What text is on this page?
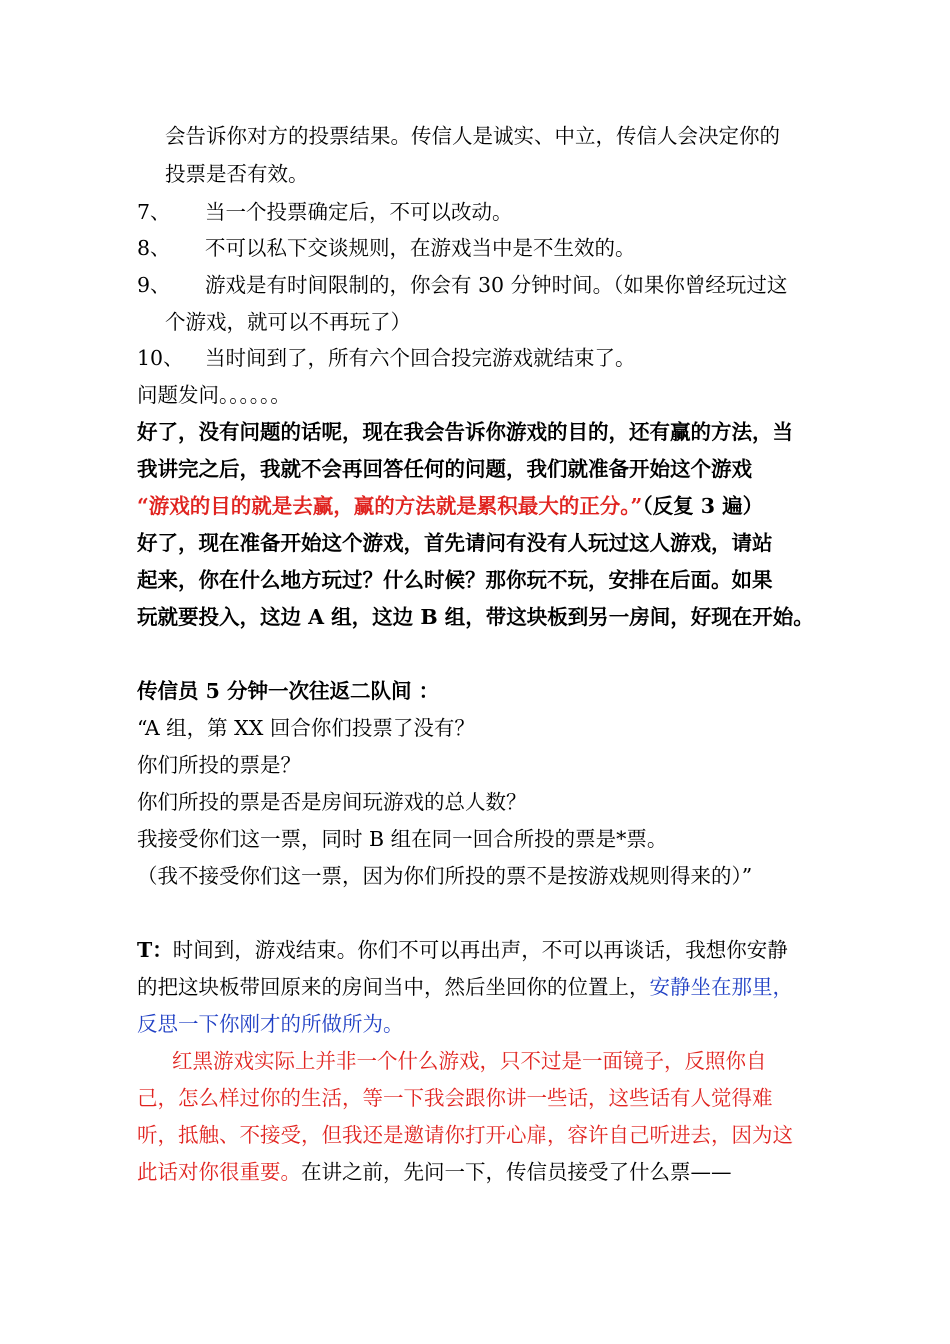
会告诉你对方的投票结果。传信人是诚实、中立，传信人会决定你的
投票是否有效。
7、 当一个投票确定后，不可以改动。
8、 不可以私下交谈规则，在游戏当中是不生效的。
9、 游戏是有时间限制的，你会有 30 分钟时间。（如果你曾经玩过这
个游戏，就可以不再玩了）
10、 当时间到了，所有六个回合投完游戏就结束了。
问题发问。。。。。。
好了，没有问题的话呢，现在我会告诉你游戏的目的，还有赢的方法，当
我讲完之后，我就不会再回答任何的问题，我们就准备开始这个游戏
“游戏的目的就是去赢，赢的方法就是累积最大的正分。”（反复 3 遍）
好了，现在准备开始这个游戏，首先请问有没有人玩过这人游戏，请站
起来，你在什么地方玩过？什么时候？那你玩不玩，安排在后面。如果
玩就要投入，这边 A 组，这边 B 组，带这块板到另一房间，好现在开始。
传信员 5 分钟一次往返二队间 ：
“A 组，第 XX 回合你们投票了没有？
你们所投的票是？
你们所投的票是否是房间玩游戏的总人数？
我接受你们这一票，同时 B 组在同一回合所投的票是*票。
（我不接受你们这一票，因为你们所投的票不是按游戏规则得来的）”
T：时间到，游戏结束。你们不可以再出声，不可以再谈话，我想你安静
的把这块板带回原来的房间当中，然后坐回你的位置上，安静坐在那里，
反思一下你刚才的所做所为。
红黑游戏实际上并非一个什么游戏，只不过是一面镜子，反照你自
己，怎么样过你的生活，等一下我会跟你讲一些话，这些话有人觉得难
听，抵触、不接受，但我还是邀请你打开心扉，容许自己听进去，因为这
此话对你很重要。在讲之前，先问一下，传信员接受了什么票——
